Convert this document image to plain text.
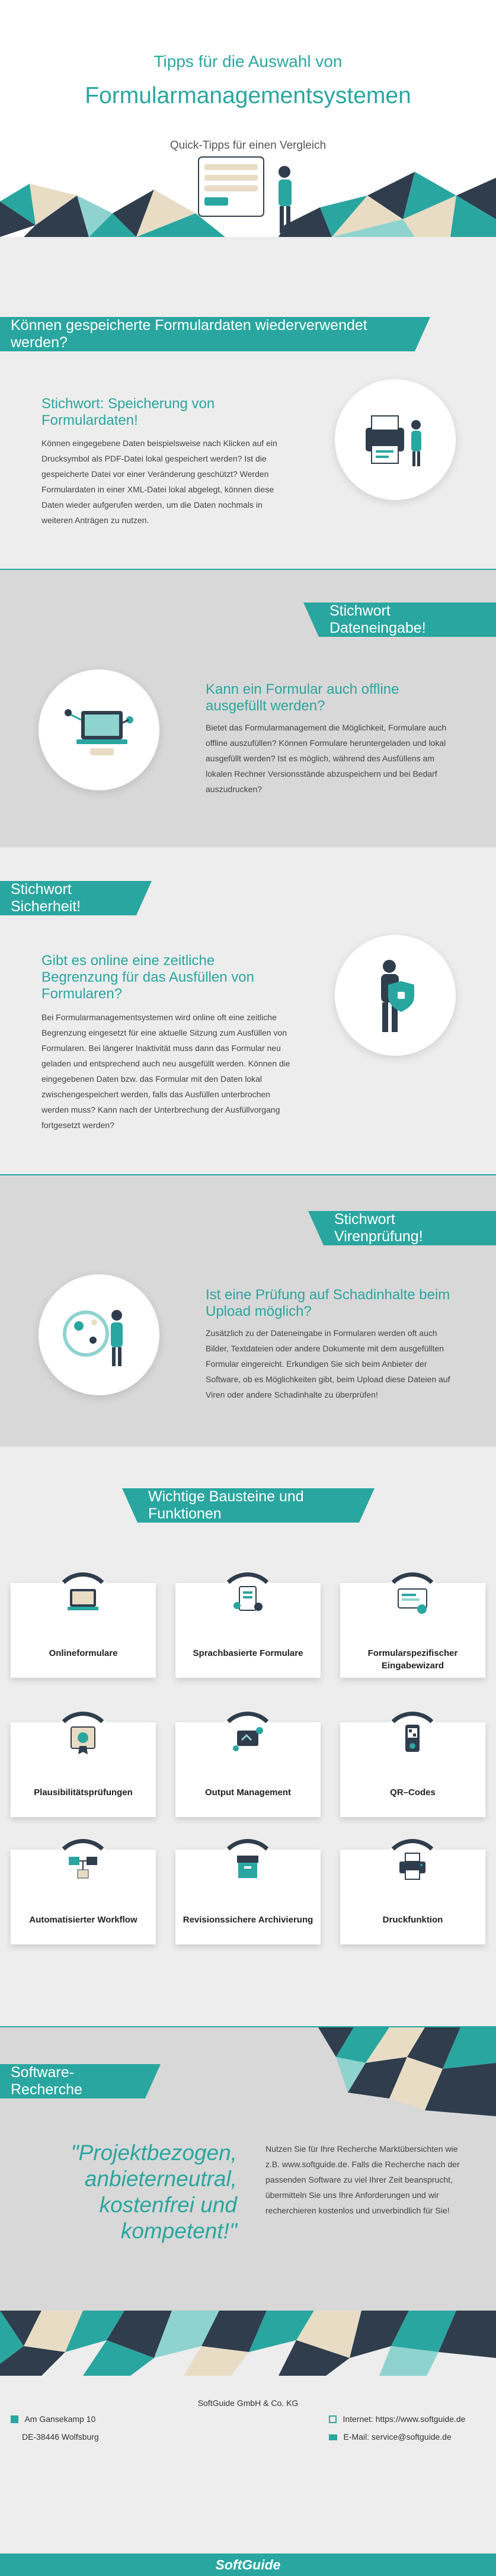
Tipps für die Auswahl von
Formularmanagementsystemen
Quick-Tipps für einen Vergleich
Können gespeicherte Formulardaten wiederverwendet werden?
Stichwort: Speicherung von Formulardaten!
Können eingegebene Daten beispielsweise nach Klicken auf ein Drucksymbol als PDF-Datei lokal gespeichert werden? Ist die gespeicherte Datei vor einer Veränderung geschützt? Werden Formulardaten in einer XML-Datei lokal abgelegt, können diese Daten wieder aufgerufen werden, um die Daten nochmals in weiteren Anträgen zu nutzen.
Stichwort Dateneingabe!
Kann ein Formular auch offline ausgefüllt werden?
Bietet das Formularmanagement die Möglichkeit, Formulare auch offline auszufüllen? Können Formulare heruntergeladen und lokal ausgefüllt werden? Ist es möglich, während des Ausfüllens am lokalen Rechner Versionsstände abzuspeichern und bei Bedarf auszudrucken?
Stichwort Sicherheit!
Gibt es online eine zeitliche Begrenzung für das Ausfüllen von Formularen?
Bei Formularmanagementsystemen wird online oft eine zeitliche Begrenzung eingesetzt für eine aktuelle Sitzung zum Ausfüllen von Formularen. Bei längerer Inaktivität muss dann das Formular neu geladen und entsprechend auch neu ausgefüllt werden. Können die eingegebenen Daten bzw. das Formular mit den Daten lokal zwischengespeichert werden, falls das Ausfüllen unterbrochen werden muss? Kann nach der Unterbrechung der Ausfüllvorgang fortgesetzt werden?
Stichwort Virenprüfung!
Ist eine Prüfung auf Schadinhalte beim Upload möglich?
Zusätzlich zu der Dateneingabe in Formularen werden oft auch Bilder, Textdateien oder andere Dokumente mit dem ausgefüllten Formular eingereicht. Erkundigen Sie sich beim Anbieter der Software, ob es Möglichkeiten gibt, beim Upload diese Dateien auf Viren oder andere Schadinhalte zu überprüfen!
Wichtige Bausteine und Funktionen
Onlineformulare	Sprachbasierte Formulare	Formularspezifischer Eingabewizard
Plausibilitätsprüfungen	Output Management	QR–Codes
Automatisierter Workflow	Revisionssichere Archivierung	Druckfunktion
Software-Recherche
"Projektbezogen, anbieterneutral, kostenfrei und kompetent!"
Nutzen Sie für Ihre Recherche Marktübersichten wie z.B. www.softguide.de. Falls die Recherche nach der passenden Software zu viel Ihrer Zeit beansprucht, übermitteln Sie uns Ihre Anforderungen und wir recherchieren kostenlos und unverbindlich für Sie!
SoftGuide GmbH & Co. KG
Am Gansekamp 10
DE-38446 Wolfsburg
Internet: https://www.softguide.de
E-Mail: service@softguide.de
SoftGuide
